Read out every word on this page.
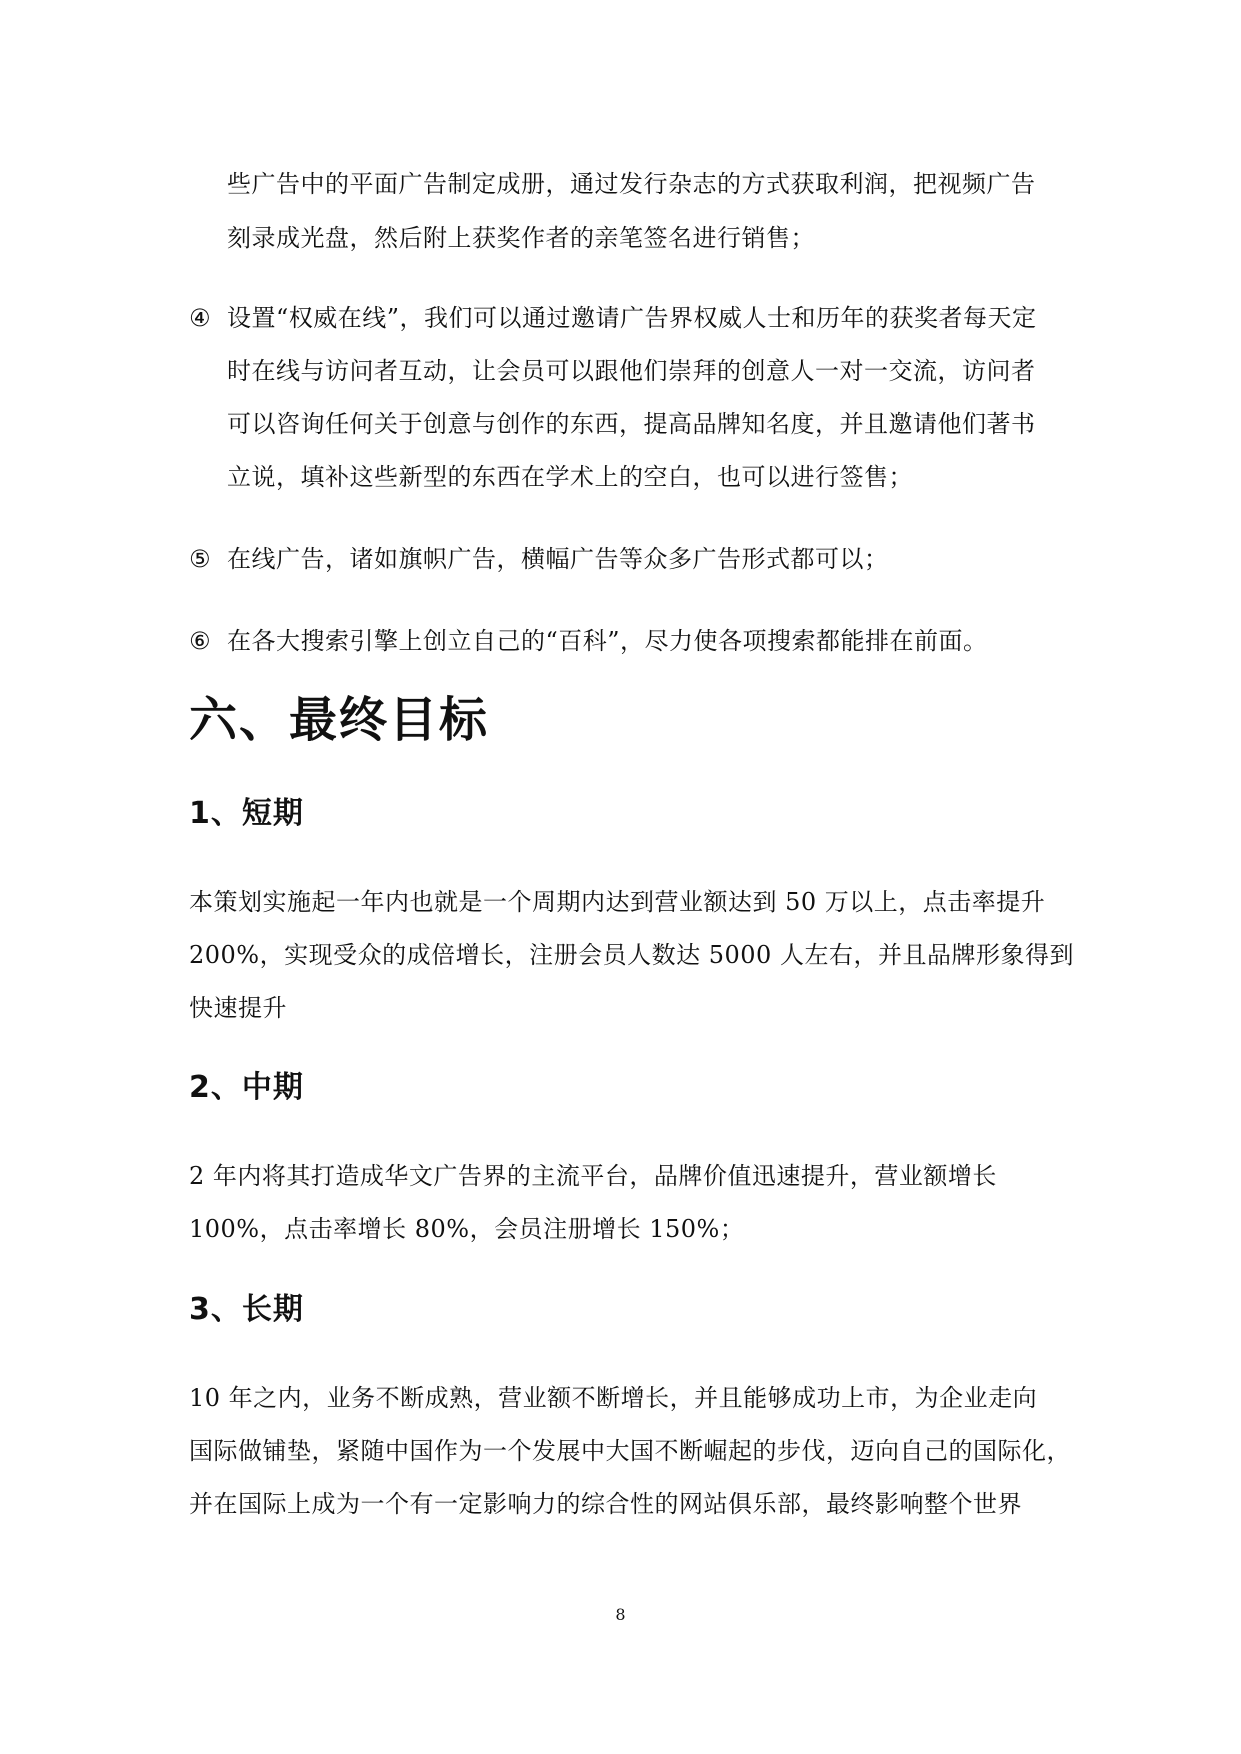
些广告中的平面广告制定成册，通过发行杂志的方式获取利润，把视频广告
刻录成光盘，然后附上获奖作者的亲笔签名进行销售；
④ 设置“权威在线”，我们可以通过邀请广告界权威人士和历年的获奖者每天定
时在线与访问者互动，让会员可以跟他们崇拜的创意人一对一交流，访问者
可以咨询任何关于创意与创作的东西，提高品牌知名度，并且邀请他们著书
立说，填补这些新型的东西在学术上的空白，也可以进行签售；
⑤ 在线广告，诸如旗帜广告，横幅广告等众多广告形式都可以；
⑥ 在各大搜索引擎上创立自己的“百科”，尽力使各项搜索都能排在前面。
六、最终目标
1、短期
本策划实施起一年内也就是一个周期内达到营业额达到 50 万以上，点击率提升
200%，实现受众的成倍增长，注册会员人数达 5000 人左右，并且品牌形象得到
快速提升
2、中期
2 年内将其打造成华文广告界的主流平台，品牌价值迅速提升，营业额增长
100%，点击率增长 80%，会员注册增长 150%；
3、长期
10 年之内，业务不断成熟，营业额不断增长，并且能够成功上市，为企业走向
国际做铺垫，紧随中国作为一个发展中大国不断崛起的步伐，迈向自己的国际化，
并在国际上成为一个有一定影响力的综合性的网站俱乐部，最终影响整个世界
8
